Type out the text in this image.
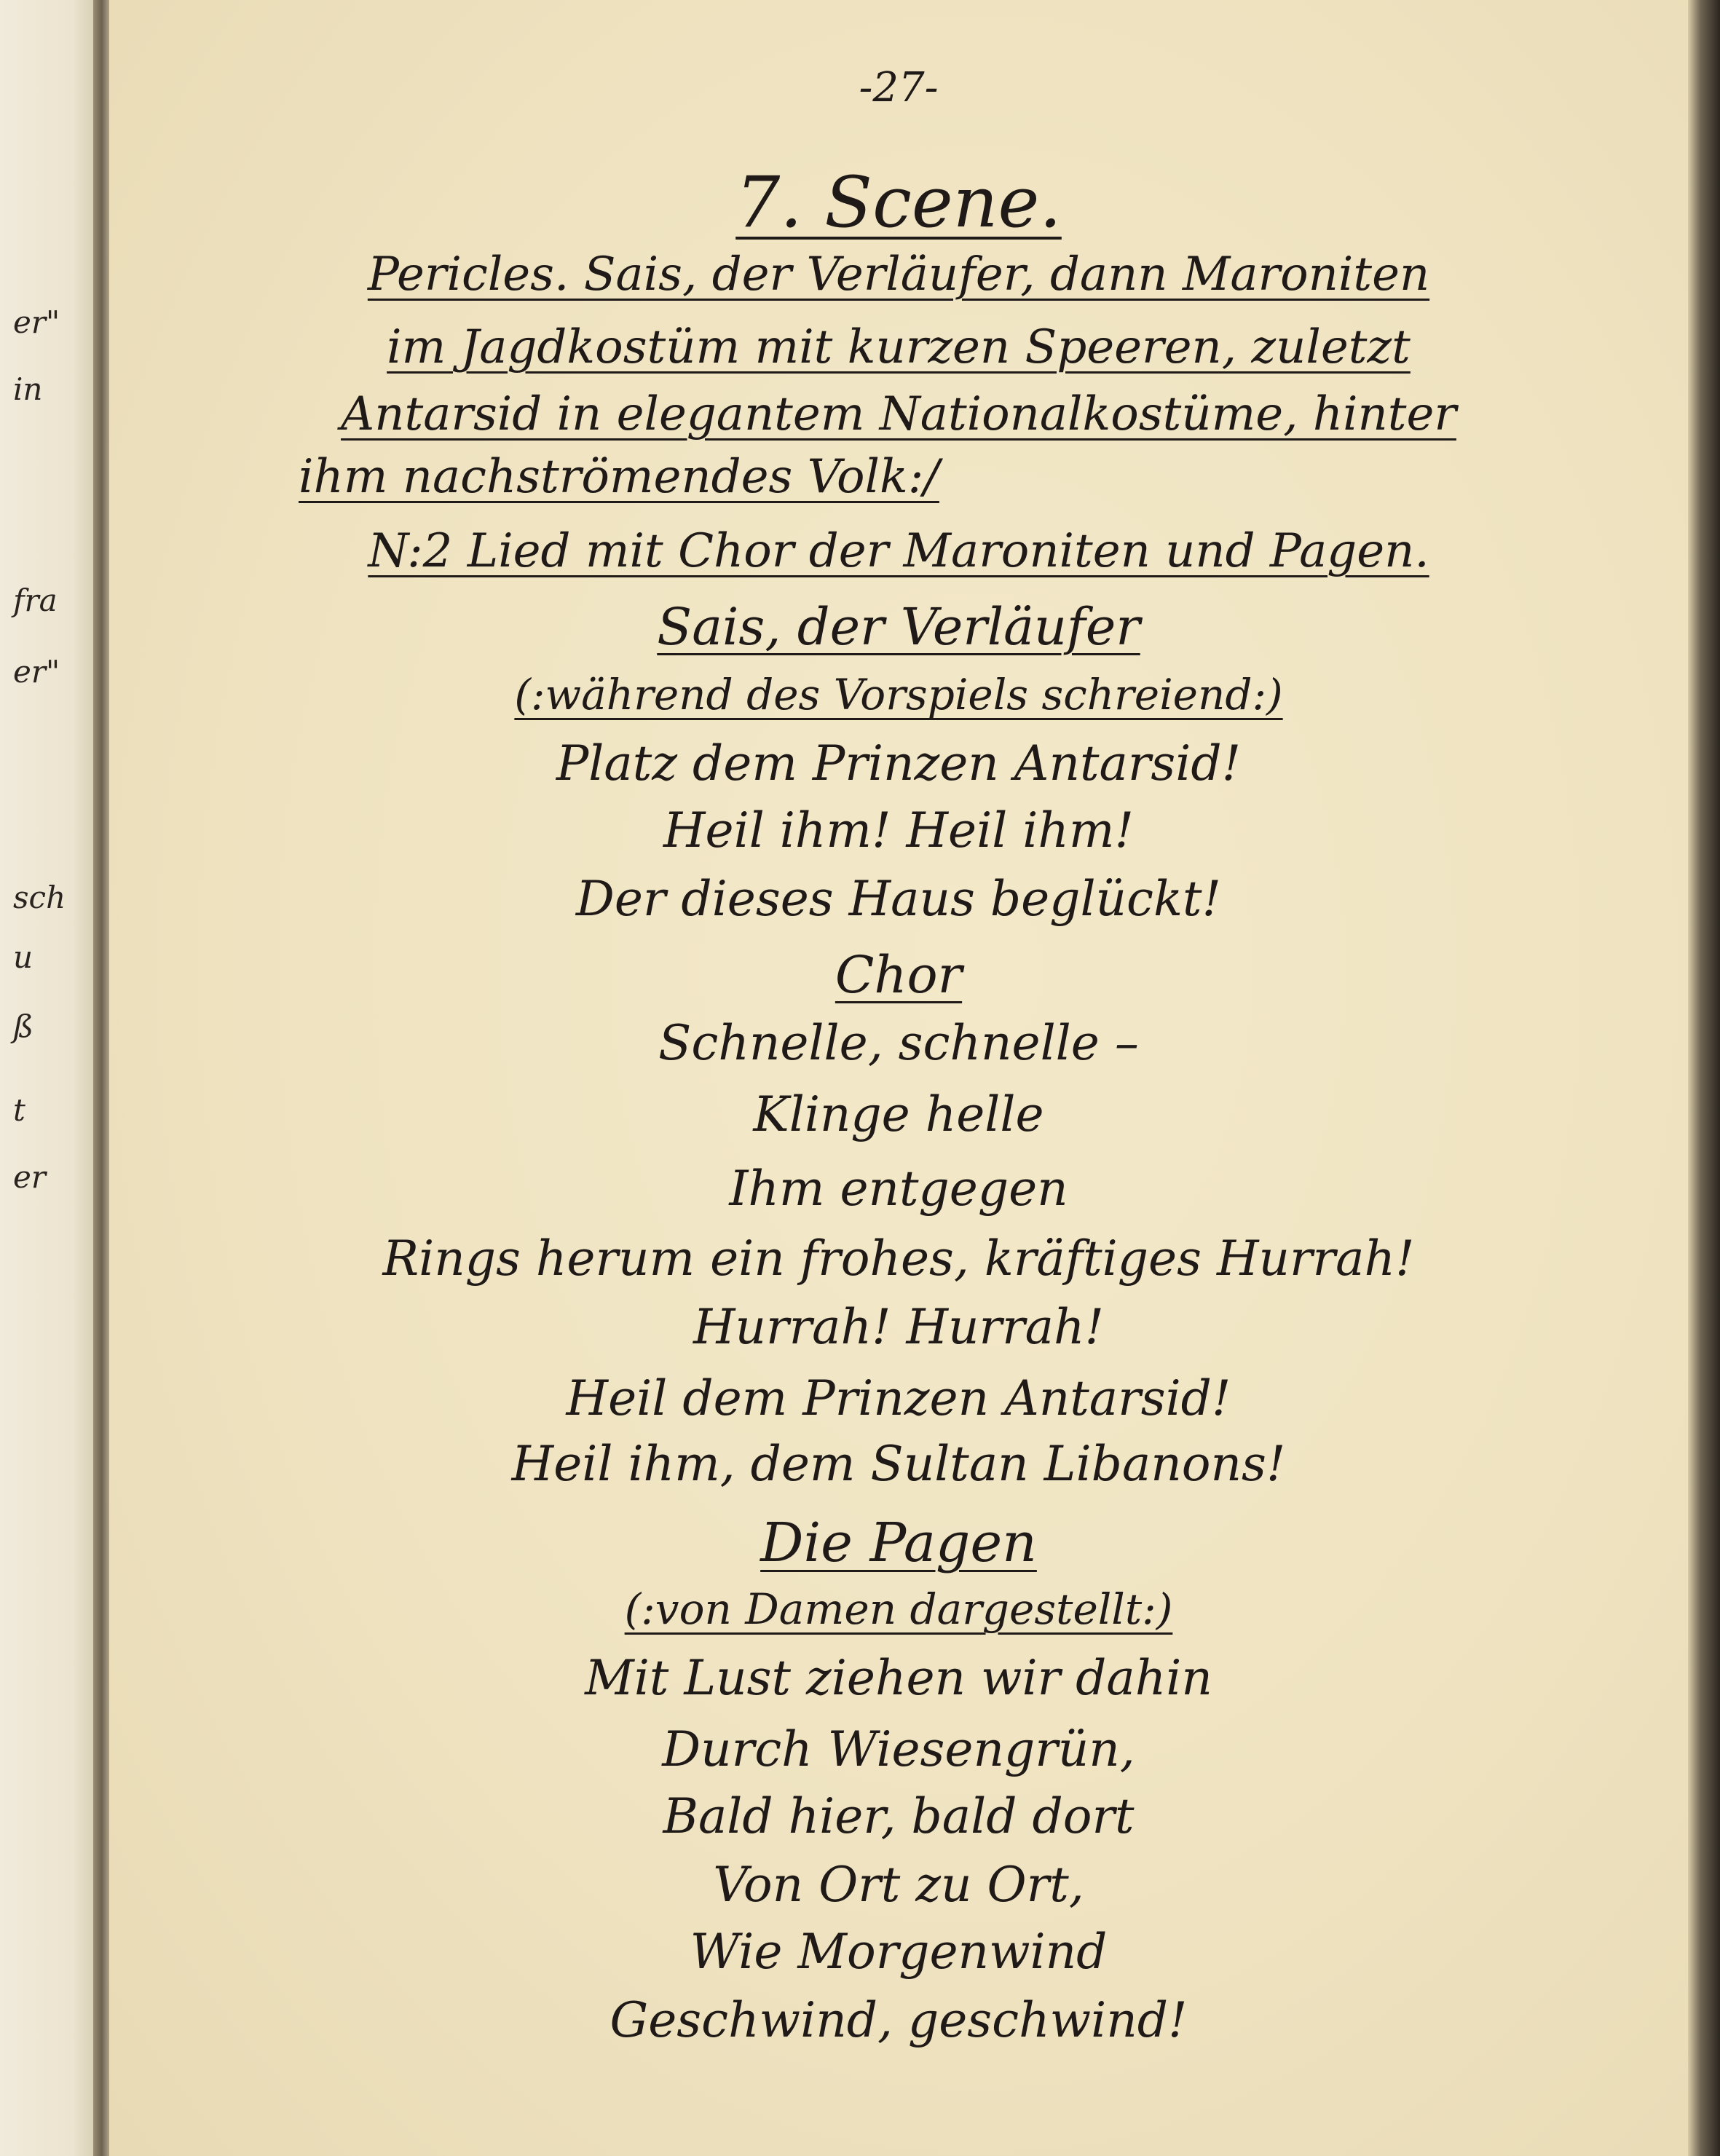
er"
in
fra
er"
sch
u
ß
t
er
-27-
7. Scene.
Pericles. Sais, der Verläufer, dann Maroniten
im Jagdkostüm mit kurzen Speeren, zuletzt
Antarsid in elegantem Nationalkostüme, hinter
ihm nachströmendes Volk:/
N:2 Lied mit Chor der Maroniten und Pagen.
Sais, der Verläufer
(:während des Vorspiels schreiend:)
Platz dem Prinzen Antarsid!
Heil ihm! Heil ihm!
Der dieses Haus beglückt!
Chor
Schnelle, schnelle –
Klinge helle
Ihm entgegen
Rings herum ein frohes, kräftiges Hurrah!
Hurrah! Hurrah!
Heil dem Prinzen Antarsid!
Heil ihm, dem Sultan Libanons!
Die Pagen
(:von Damen dargestellt:)
Mit Lust ziehen wir dahin
Durch Wiesengrün,
Bald hier, bald dort
Von Ort zu Ort,
Wie Morgenwind
Geschwind, geschwind!
